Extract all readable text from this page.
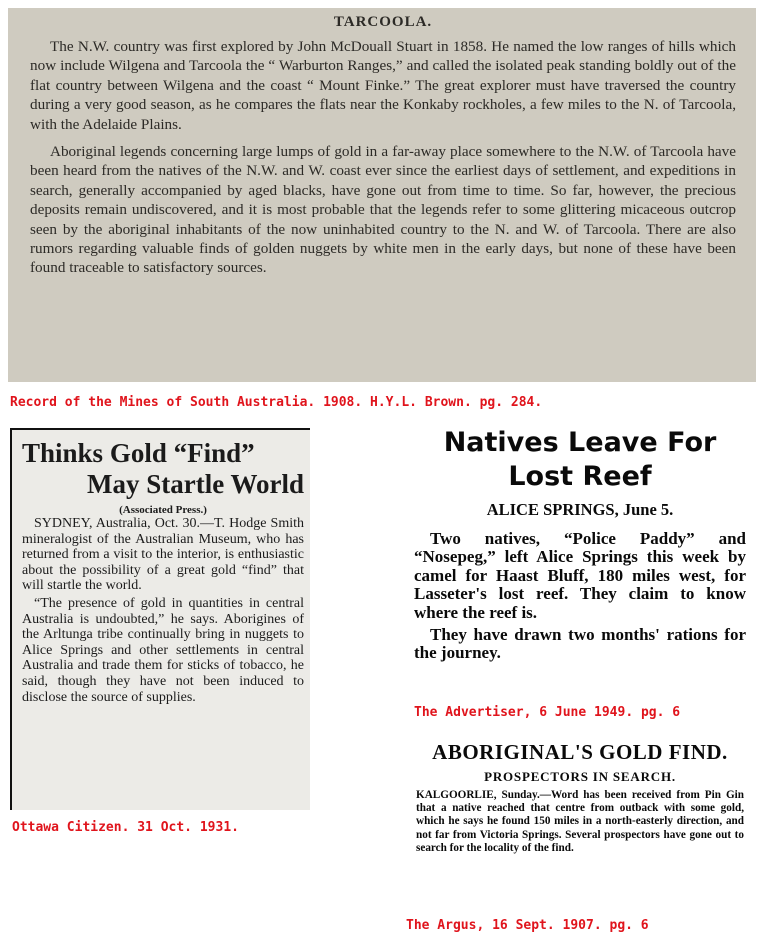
TARCOOLA.

The N.W. country was first explored by John McDouall Stuart in 1858. He named the low ranges of hills which now include Wilgena and Tarcoola the “ Warburton Ranges,” and called the isolated peak standing boldly out of the flat country between Wilgena and the coast “ Mount Finke.” The great explorer must have traversed the country during a very good season, as he compares the flats near the Konkaby rockholes, a few miles to the N. of Tarcoola, with the Adelaide Plains.

Aboriginal legends concerning large lumps of gold in a far-away place somewhere to the N.W. of Tarcoola have been heard from the natives of the N.W. and W. coast ever since the earliest days of settlement, and expeditions in search, generally accompanied by aged blacks, have gone out from time to time. So far, however, the precious deposits remain undiscovered, and it is most probable that the legends refer to some glittering micaceous outcrop seen by the aboriginal inhabitants of the now uninhabited country to the N. and W. of Tarcoola. There are also rumors regarding valuable finds of golden nuggets by white men in the early days, but none of these have been found traceable to satisfactory sources.

Record of the Mines of South Australia. 1908. H.Y.L. Brown. pg. 284.
Thinks Gold “Find”
May Startle World
(Associated Press.)

SYDNEY, Australia, Oct. 30.—T. Hodge Smith mineralogist of the Australian Museum, who has returned from a visit to the interior, is enthusiastic about the possibility of a great gold “find” that will startle the world.

“The presence of gold in quantities in central Australia is undoubted,” he says. Aborigines of the Arltunga tribe continually bring in nuggets to Alice Springs and other settlements in central Australia and trade them for sticks of tobacco, he said, though they have not been induced to disclose the source of supplies.

Ottawa Citizen. 31 Oct. 1931.
Natives Leave For Lost Reef
ALICE SPRINGS, June 5.

Two natives, “Police Paddy” and “Nosepeg,” left Alice Springs this week by camel for Haast Bluff, 180 miles west, for Lasseter's lost reef. They claim to know where the reef is.

They have drawn two months' rations for the journey.

The Advertiser, 6 June 1949. pg. 6
ABORIGINAL'S GOLD FIND.
PROSPECTORS IN SEARCH.

KALGOORLIE, Sunday.—Word has been received from Pin Gin that a native reached that centre from outback with some gold, which he says he found 150 miles in a north-easterly direction, and not far from Victoria Springs. Several prospectors have gone out to search for the locality of the find.

The Argus, 16 Sept. 1907. pg. 6
